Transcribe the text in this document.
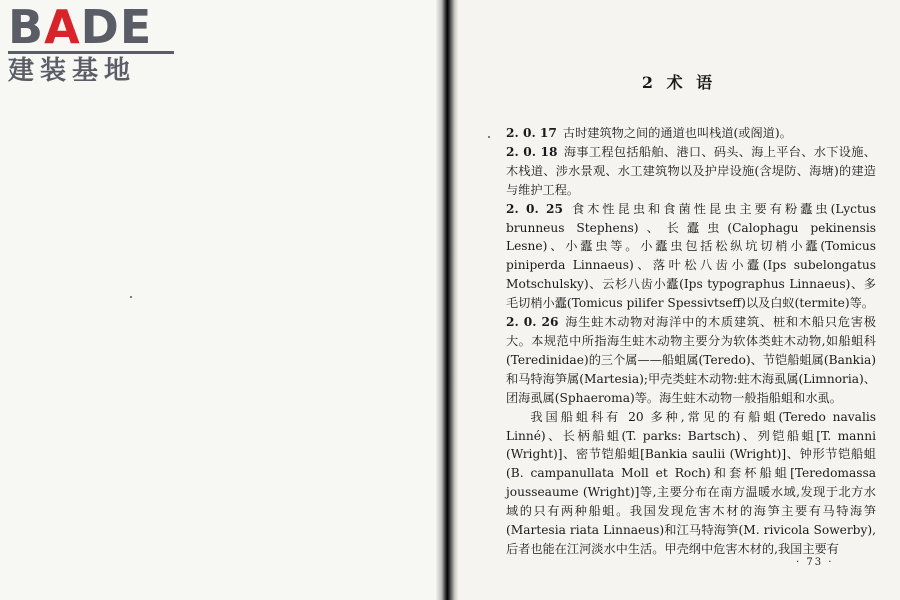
BADE
建装基地	2 术 语

2. 0. 17 古时建筑物之间的通道也叫栈道(或阁道)。

2. 0. 18 海事工程包括船舶、港口、码头、海上平台、水下设施、木栈道、涉水景观、水工建筑物以及护岸设施(含堤防、海塘)的建造与维护工程。

2. 0. 25 食木性昆虫和食菌性昆虫主要有粉蠹虫(Lyctus brunneus Stephens)、长蠹虫(Calophagu pekinensis Lesne)、小蠹虫等。小蠹虫包括松纵坑切梢小蠹(Tomicus piniperda Linnaeus)、落叶松八齿小蠹(Ips subelongatus Motschulsky)、云杉八齿小蠹(Ips typographus Linnaeus)、多毛切梢小蠹(Tomicus pilifer Spessivtseff)以及白蚁(termite)等。

2. 0. 26 海生蛀木动物对海洋中的木质建筑、桩和木船只危害极大。本规范中所指海生蛀木动物主要分为软体类蛀木动物,如船蛆科(Teredinidae)的三个属——船蛆属(Teredo)、节铠船蛆属(Bankia)和马特海笋属(Martesia);甲壳类蛀木动物:蛀木海虱属(Limnoria)、团海虱属(Sphaeroma)等。海生蛀木动物一般指船蛆和水虱。

我国船蛆科有 20 多种,常见的有船蛆(Teredo navalis Linné)、长柄船蛆(T. parks: Bartsch)、列铠船蛆[T. manni (Wright)]、密节铠船蛆[Bankia saulii (Wright)]、钟形节铠船蛆(B. campanullata Moll et Roch)和套杯船蛆[Teredomassa jousseaume (Wright)]等,主要分布在南方温暖水域,发现于北方水域的只有两种船蛆。我国发现危害木材的海笋主要有马特海笋(Martesia riata Linnaeus)和江马特海笋(M. rivicola Sowerby),后者也能在江河淡水中生活。甲壳纲中危害木材的,我国主要有

· 73 ·
